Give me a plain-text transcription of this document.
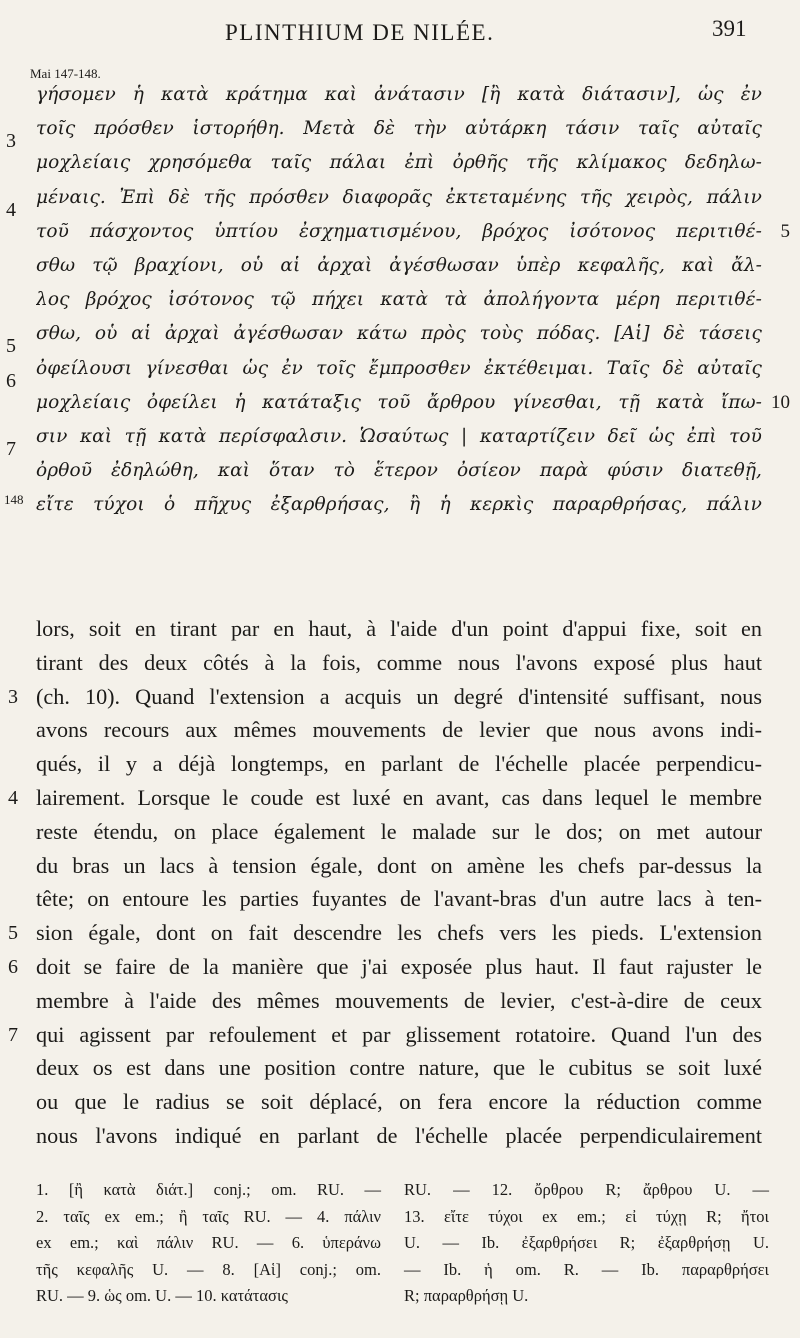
PLINTHIUM DE NILÉE.	391
Mai 147-148.
148
γήσομεν ἡ κατὰ κράτημα καὶ ἀνάτασιν [ἢ κατὰ διάτασιν], ὡς ἐν
3
τοῖς πρόσθεν ἱστορήθη. Μετὰ δὲ τὴν αὐτάρκη τάσιν ταῖς αὐταῖς
μοχλείαις χρησόμεθα ταῖς πάλαι ἐπὶ ὀρθῆς τῆς κλίμακος δεδηλω-
4
μέναις. Ἐπὶ δὲ τῆς πρόσθεν διαφορᾶς ἐκτεταμένης τῆς χειρὸς, πάλιν
τοῦ πάσχοντος ὑπτίου ἐσχηματισμένου, βρόχος ἰσότονος περιτιθέ- 5
σθω τῷ βραχίονι, οὗ αἱ ἀρχαὶ ἀγέσθωσαν ὑπὲρ κεφαλῆς, καὶ ἄλ-
λος βρόχος ἰσότονος τῷ πήχει κατὰ τὰ ἀπολήγοντα μέρη περιτιθέ-
5
σθω, οὗ αἱ ἀρχαὶ ἀγέσθωσαν κάτω πρὸς τοὺς πόδας. [Αἱ] δὲ τάσεις
6
ὀφείλουσι γίνεσθαι ὡς ἐν τοῖς ἔμπροσθεν ἐκτέθειμαι. Ταῖς δὲ αὐταῖς
μοχλείαις ὀφείλει ἡ κατάταξις τοῦ ἄρθρου γίνεσθαι, τῇ κατὰ ἴπω- 10
7
σιν καὶ τῇ κατὰ περίσφαλσιν. Ὡσαύτως | καταρτίζειν δεῖ ὡς ἐπὶ τοῦ
ὀρθοῦ ἐδηλώθη, καὶ ὅταν τὸ ἕτερον ὀσίεον παρὰ φύσιν διατεθῇ,
εἴτε τύχοι ὁ πῆχυς ἐξαρθρήσας, ἢ ἡ κερκὶς παραρθρήσας, πάλιν
lors, soit en tirant par en haut, à l'aide d'un point d'appui fixe, soit en
tirant des deux côtés à la fois, comme nous l'avons exposé plus haut
3 (ch. 10). Quand l'extension a acquis un degré d'intensité suffisant, nous
avons recours aux mêmes mouvements de levier que nous avons indi-
qués, il y a déjà longtemps, en parlant de l'échelle placée perpendicu-
4 lairement. Lorsque le coude est luxé en avant, cas dans lequel le membre
reste étendu, on place également le malade sur le dos; on met autour
du bras un lacs à tension égale, dont on amène les chefs par-dessus la
tête; on entoure les parties fuyantes de l'avant-bras d'un autre lacs à ten-
5 sion égale, dont on fait descendre les chefs vers les pieds. L'extension
6 doit se faire de la manière que j'ai exposée plus haut. Il faut rajuster le
membre à l'aide des mêmes mouvements de levier, c'est-à-dire de ceux
7 qui agissent par refoulement et par glissement rotatoire. Quand l'un des
deux os est dans une position contre nature, que le cubitus se soit luxé
ou que le radius se soit déplacé, on fera encore la réduction comme
nous l'avons indiqué en parlant de l'échelle placée perpendiculairement
1. [ἢ κατὰ διάτ.] conj.; om. RU. —
2. ταῖς ex em.; ἢ ταῖς RU. — 4. πάλιν
ex em.; καὶ πάλιν RU. — 6. ὑπεράνω
τῆς κεφαλῆς U. — 8. [Αἱ] conj.; om.
RU. — 9. ὡς om. U. — 10. κατάτασις
RU. — 12. ὄρθρου R; ἄρθρου U. —
13. εἴτε τύχοι ex em.; εἰ τύχῃ R; ἤτοι
U. — Ib. ἐξαρθρήσει R; ἐξαρθρήσῃ U.
— Ib. ἡ om. R. — Ib. παραρθρήσει
R; παραρθρήσῃ U.
